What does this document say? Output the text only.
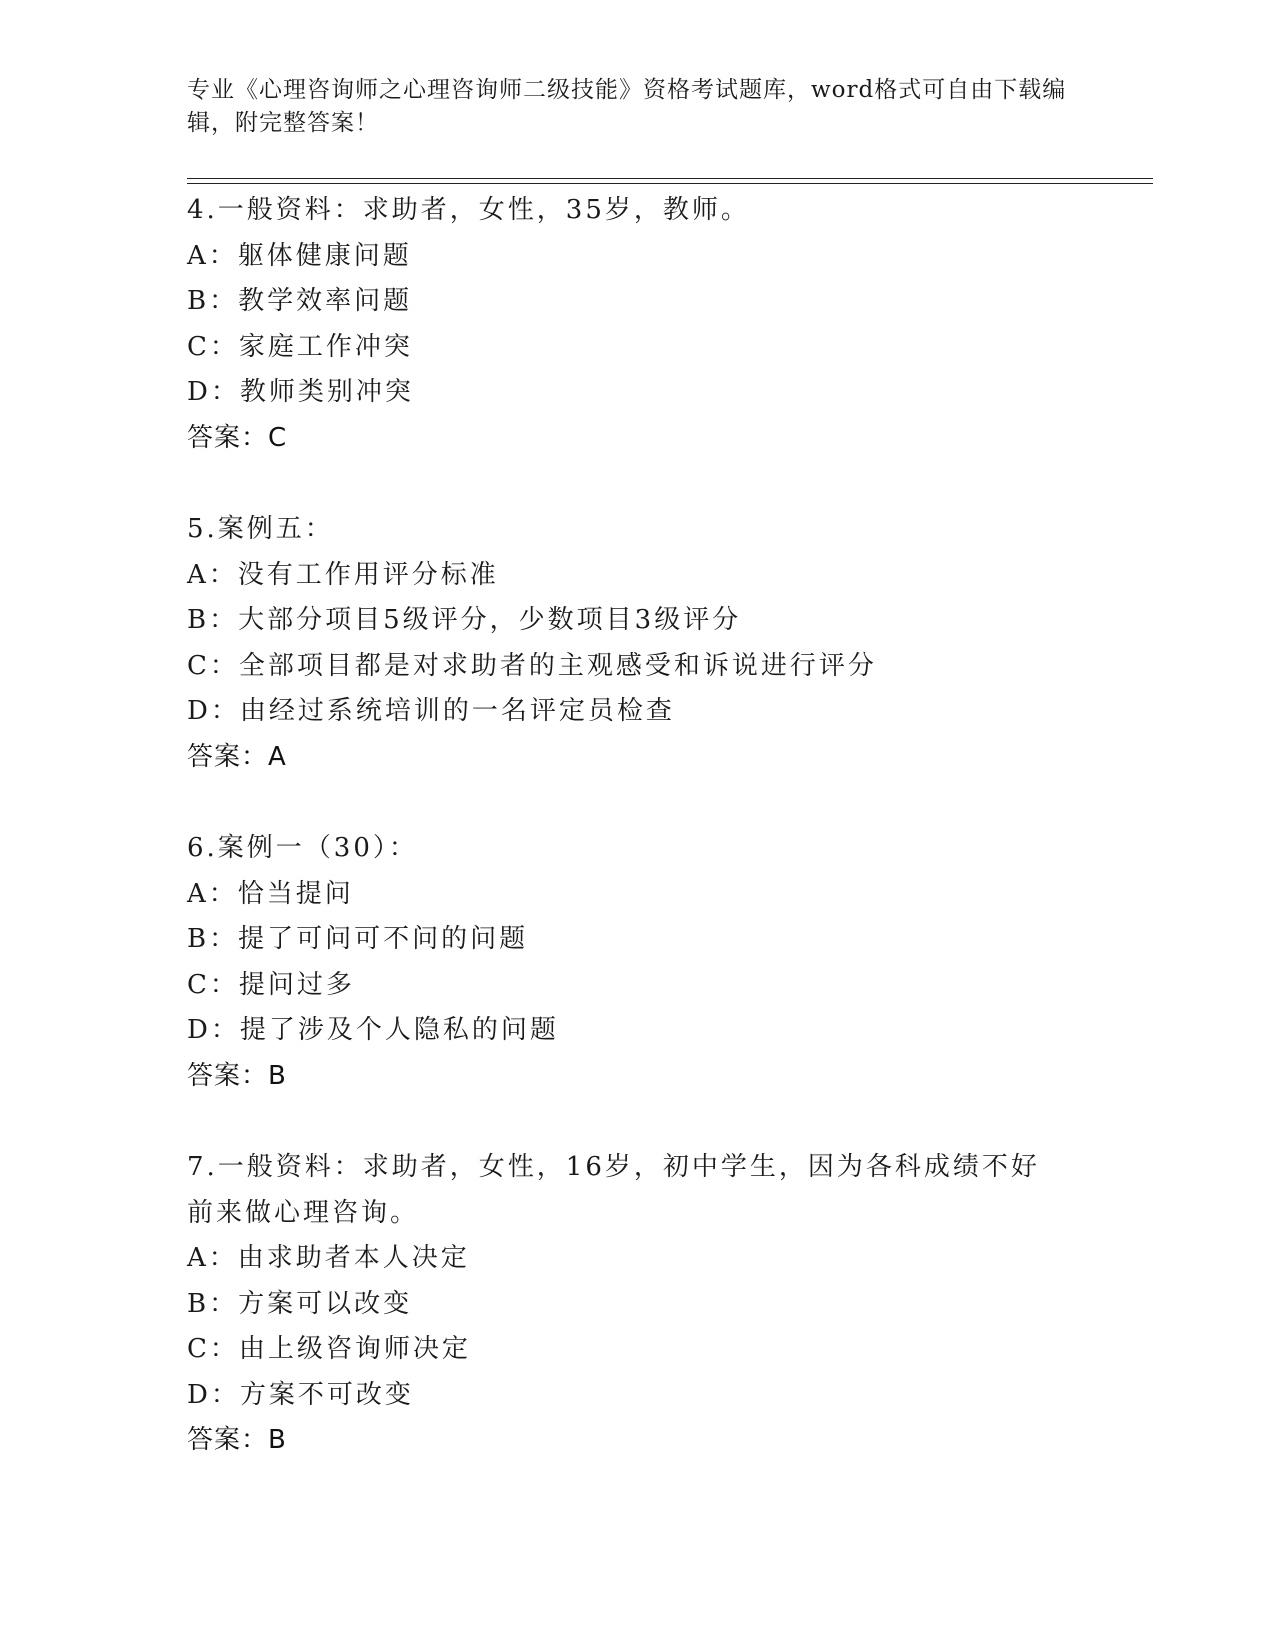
专业《心理咨询师之心理咨询师二级技能》资格考试题库，word格式可自由下载编辑，附完整答案！
4.一般资料：求助者，女性，35岁，教师。
A：躯体健康问题
B：教学效率问题
C：家庭工作冲突
D：教师类别冲突
答案：C
5.案例五：
A：没有工作用评分标准
B：大部分项目5级评分，少数项目3级评分
C：全部项目都是对求助者的主观感受和诉说进行评分
D：由经过系统培训的一名评定员检查
答案：A
6.案例一（30）：
A：恰当提问
B：提了可问可不问的问题
C：提问过多
D：提了涉及个人隐私的问题
答案：B
7.一般资料：求助者，女性，16岁，初中学生，因为各科成绩不好前来做心理咨询。
A：由求助者本人决定
B：方案可以改变
C：由上级咨询师决定
D：方案不可改变
答案：B
